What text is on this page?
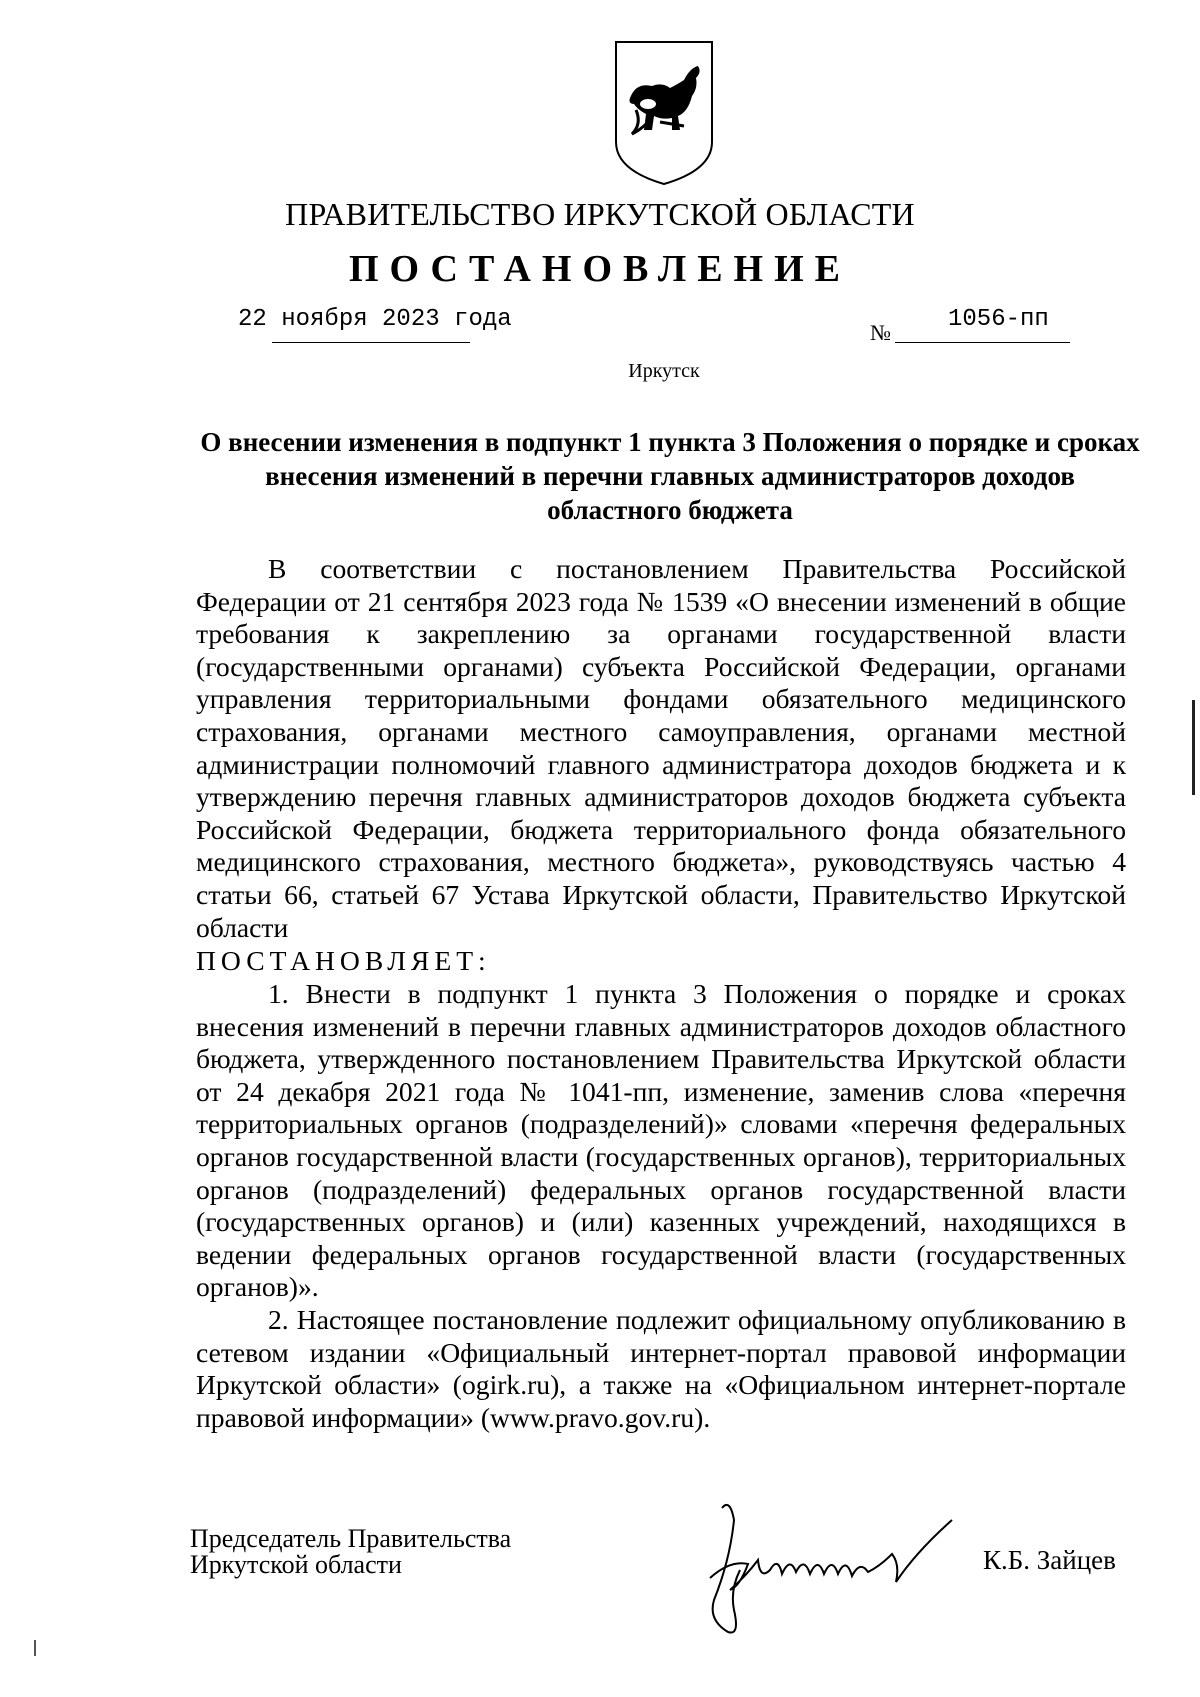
ПРАВИТЕЛЬСТВО ИРКУТСКОЙ ОБЛАСТИ
ПОСТАНОВЛЕНИЕ
22 ноября 2023 года	№ 1056-пп
Иркутск
О внесении изменения в подпункт 1 пункта 3 Положения о порядке и сроках внесения изменений в перечни главных администраторов доходов областного бюджета

В соответствии с постановлением Правительства Российской Федерации от 21 сентября 2023 года № 1539 «О внесении изменений в общие требования к закреплению за органами государственной власти (государственными органами) субъекта Российской Федерации, органами управления территориальными фондами обязательного медицинского страхования, органами местного самоуправления, органами местной администрации полномочий главного администратора доходов бюджета и к утверждению перечня главных администраторов доходов бюджета субъекта Российской Федерации, бюджета территориального фонда обязательного медицинского страхования, местного бюджета», руководствуясь частью 4 статьи 66, статьей 67 Устава Иркутской области, Правительство Иркутской области

ПОСТАНОВЛЯЕТ:

1. Внести в подпункт 1 пункта 3 Положения о порядке и сроках внесения изменений в перечни главных администраторов доходов областного бюджета, утвержденного постановлением Правительства Иркутской области от 24 декабря 2021 года № 1041-пп, изменение, заменив слова «перечня территориальных органов (подразделений)» словами «перечня федеральных органов государственной власти (государственных органов), территориальных органов (подразделений) федеральных органов государственной власти (государственных органов) и (или) казенных учреждений, находящихся в ведении федеральных органов государственной власти (государственных органов)».

2. Настоящее постановление подлежит официальному опубликованию в сетевом издании «Официальный интернет-портал правовой информации Иркутской области» (ogirk.ru), а также на «Официальном интернет-портале правовой информации» (www.pravo.gov.ru).

Председатель Правительства
Иркутской области	К.Б. Зайцев
